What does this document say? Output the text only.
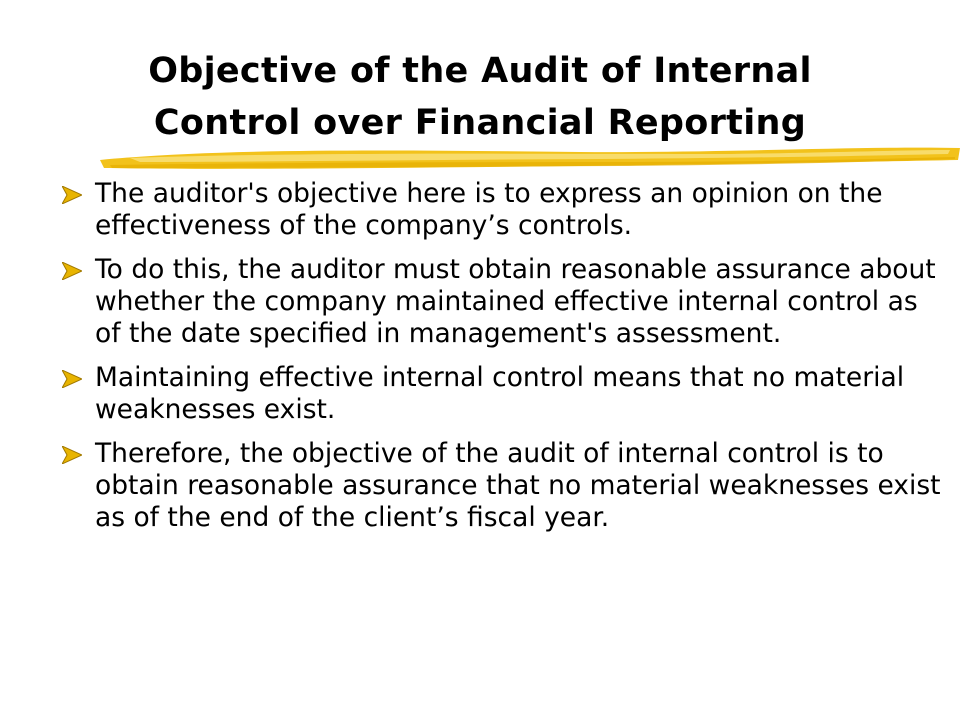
Objective of the Audit of Internal
Control over Financial Reporting
The auditor's objective here is to express an opinion on the effectiveness of the company’s controls.
To do this, the auditor must obtain reasonable assurance about whether the company maintained effective internal control as of the date specified in management's assessment.
Maintaining effective internal control means that no material weaknesses exist.
Therefore, the objective of the audit of internal control is to obtain reasonable assurance that no material weaknesses exist as of the end of the client’s fiscal year.
